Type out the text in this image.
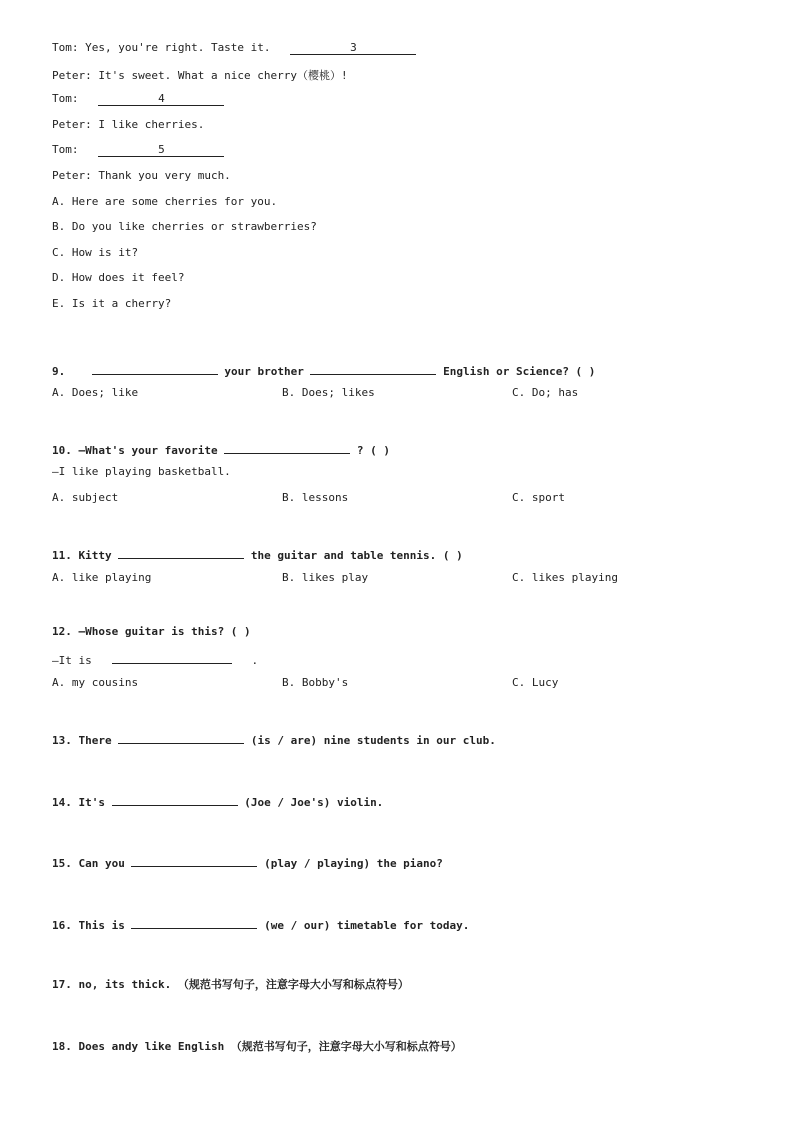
Tom: Yes, you're right. Taste it.	3
Peter: It's sweet. What a nice cherry（樱桃）!
Tom:	4
Peter: I like cherries.
Tom:	5
Peter: Thank you very much.
A. Here are some cherries for you.
B. Do you like cherries or strawberries?
C. How is it?
D. How does it feel?
E. Is it a cherry?
9.	your brother	English or Science? ( )
A. Does; like	B. Does; likes	C. Do; has
10. —What's your favorite	? ( )
—I like playing basketball.
A. subject	B. lessons	C. sport
11. Kitty	the guitar and table tennis. ( )
A. like playing	B. likes play	C. likes playing
12. —Whose guitar is this? ( )
—It is	.
A. my cousins	B. Bobby's	C. Lucy
13. There	(is / are) nine students in our club.
14. It's	(Joe / Joe's) violin.
15. Can you	(play / playing) the piano?
16. This is	(we / our) timetable for today.
17. no, its thick. （规范书写句子，注意字母大小写和标点符号）
18. Does andy like English （规范书写句子，注意字母大小写和标点符号）
